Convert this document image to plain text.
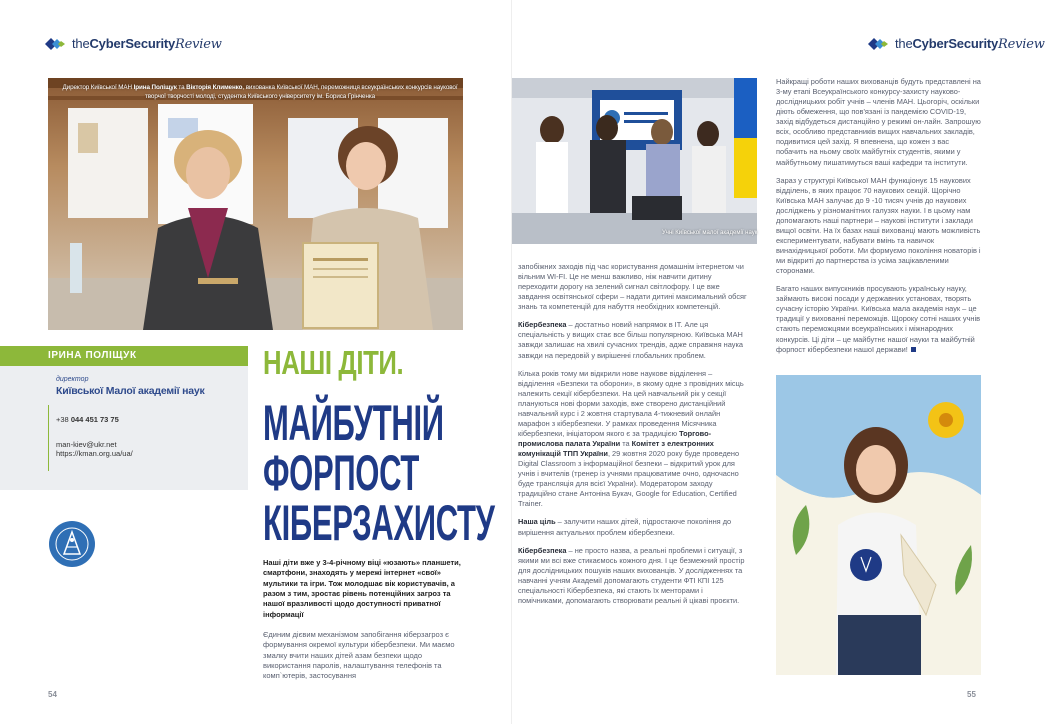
theCyberSecurityReview
Директор Київської МАН Ірина Поліщук та Вікторія Клименко, вихованка Київської МАН, переможниця всеукраїнських конкурсів наукової творчої творчості молоді, студентка Київського університету ім. Бориса Грінченка
ІРИНА ПОЛІЩУК
директор
Київської Малої академії наук
+38 044 451 73 75
man-kiev@ukr.net
https://kman.org.ua/ua/
НАШІ ДІТИ.
МАЙБУТНІЙ
ФОРПОСТ
КІБЕРЗАХИСТУ

Наші діти вже у 3-4-річному віці «юзають» планшети, смартфони, знаходять у мережі інтернет «свої» мультики та ігри. Тож молодшає вік користувачів, а разом з тим, зростає рівень потенційних загроз та нашої вразливості щодо доступності приватної інформації

Єдиним дієвим механізмом запобігання кіберзагроз є формування окремої культури кібербезпеки. Ми маємо змалку вчити наших дітей азам безпеки щодо використання паролів, налаштування телефонів та комп`ютерів, застосування

54
theCyberSecurityReview
55
Учні Київської малої академії наук

запобіжних заходів під час користування домашнім інтернетом чи вільним WI-FI. Це не менш важливо, ніж навчити дитину переходити дорогу на зелений сигнал світлофору. І це вже завдання освітянської сфери – надати дитині максимальний обсяг знань та компетенцій для набуття необхідних компетенцій.

Кібербезпека – достатньо новий напрямок в ІТ. Але ця спеціальність у вищих стає все більш популярною. Київська МАН завжди залишає на хвилі сучасних трендів, адже справжня наука завжди на передовій у вирішенні глобальних проблем.

Кілька років тому ми відкрили нове наукове відділення – відділення «Безпеки та оборони», в якому одне з провідних місць належить секції кібербезпеки. На цей навчальний рік у секції плануються нові форми заходів, вже створено дистанційний навчальний курс і 2 жовтня стартувала 4-тижневий онлайн марафон з кібербезпеки. У рамках проведення Місячника кібербезпеки, ініціатором якого є за традицією Торгово-промислова палата України та Комітет з електронних комунікацій ТПП України, 29 жовтня 2020 року буде проведено Digital Classroom з інформаційної безпеки – відкритий урок для учнів і вчителів (тренер із учнями працюватиме очно, одночасно буде трансляція для всієї України). Модератором заходу традиційно стане Антоніна Букач, Google for Education, Certified Trainer.

Наша ціль – залучити наших дітей, підростаюче покоління до вирішення актуальних проблем кібербезпеки.

Кібербезпека – не просто назва, а реальні проблеми і ситуації, з якими ми всі вже стикаємось кожного дня. І це безмежний простір для дослідницьких пошуків наших вихованців. У дослідженнях та навчанні учням Академії допомагають студенти ФТІ КПІ 125 спеціальності Кібербезпека, які стають їх менторами і помічниками, допомагають створювати реальні й цікаві проєкти.

Найкращі роботи наших вихованців будуть представлені на 3-му етапі Всеукраїнського конкурсу-захисту науково-дослідницьких робіт учнів – членів МАН. Цьогоріч, оскільки діють обмеження, що пов'язані із пандемією COVID-19, захід відбудеться дистанційно у режимі он-лайн. Запрошую всіх, особливо представників вищих навчальних закладів, подивитися цей захід. Я впевнена, що кожен з вас побачить на ньому своїх майбутніх студентів, якими у майбутньому пишатимуться ваші кафедри та інститути.

Зараз у структурі Київської МАН функціонує 15 наукових відділень, в яких працює 70 наукових секцій. Щорічно Київська МАН залучає до 9 -10 тисяч учнів до наукових досліджень у різноманітних галузях науки. І в цьому нам допомагають наші партнери – наукові інститути і заклади вищої освіти. На їх базах наші вихованці мають можливість експериментувати, набувати вмінь та навичок винахідницької роботи. Ми формуємо покоління новаторів і ми відкриті до партнерства із усіма зацікавленими сторонами.

Багато наших випускників просувають українську науку, займають високі посади у державних установах, творять сучасну історію України. Київська мала академія наук – це традиції у вихованні переможців. Щороку сотні наших учнів стають переможцями всеукраїнських і міжнародних конкурсів. Ці діти – це майбутнє нашої науки та майбутній форпост кібербезпеки нашої держави!
